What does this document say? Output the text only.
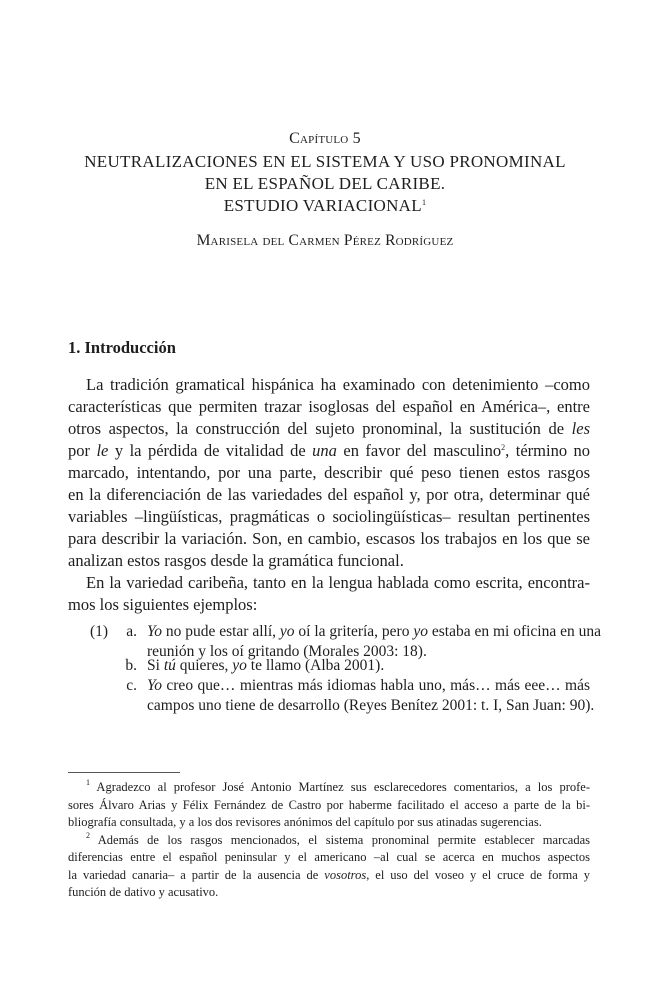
Capítulo 5
NEUTRALIZACIONES EN EL SISTEMA Y USO PRONOMINAL
EN EL ESPAÑOL DEL CARIBE.
ESTUDIO VARIACIONAL$^1$
Marisela del Carmen Pérez Rodríguez
1. Introducción
La tradición gramatical hispánica ha examinado con detenimiento –como
características que permiten trazar isoglosas del español en América–, entre
otros aspectos, la construcción del sujeto pronominal, la sustitución de les
por le y la pérdida de vitalidad de una en favor del masculino$^2$, término no
marcado, intentando, por una parte, describir qué peso tienen estos rasgos
en la diferenciación de las variedades del español y, por otra, determinar qué
variables –lingüísticas, pragmáticas o sociolingüísticas– resultan pertinentes
para describir la variación. Son, en cambio, escasos los trabajos en los que se
analizan estos rasgos desde la gramática funcional.
En la variedad caribeña, tanto en la lengua hablada como escrita, encontra-
mos los siguientes ejemplos:
(1)	a. Yo no pude estar allí, yo oí la gritería, pero yo estaba en mi oficina en una
reunión y los oí gritando (Morales 2003: 18).
b. Si tú quieres, yo te llamo (Alba 2001).
c. Yo creo que… mientras más idiomas habla uno, más… más eee… más
campos uno tiene de desarrollo (Reyes Benítez 2001: t. I, San Juan: 90).
$^1$ Agradezco al profesor José Antonio Martínez sus esclarecedores comentarios, a los profe-
sores Álvaro Arias y Félix Fernández de Castro por haberme facilitado el acceso a parte de la bi-
bliografía consultada, y a los dos revisores anónimos del capítulo por sus atinadas sugerencias.
$^2$ Además de los rasgos mencionados, el sistema pronominal permite establecer marcadas
diferencias entre el español peninsular y el americano –al cual se acerca en muchos aspectos
la variedad canaria– a partir de la ausencia de vosotros, el uso del voseo y el cruce de forma y
función de dativo y acusativo.
